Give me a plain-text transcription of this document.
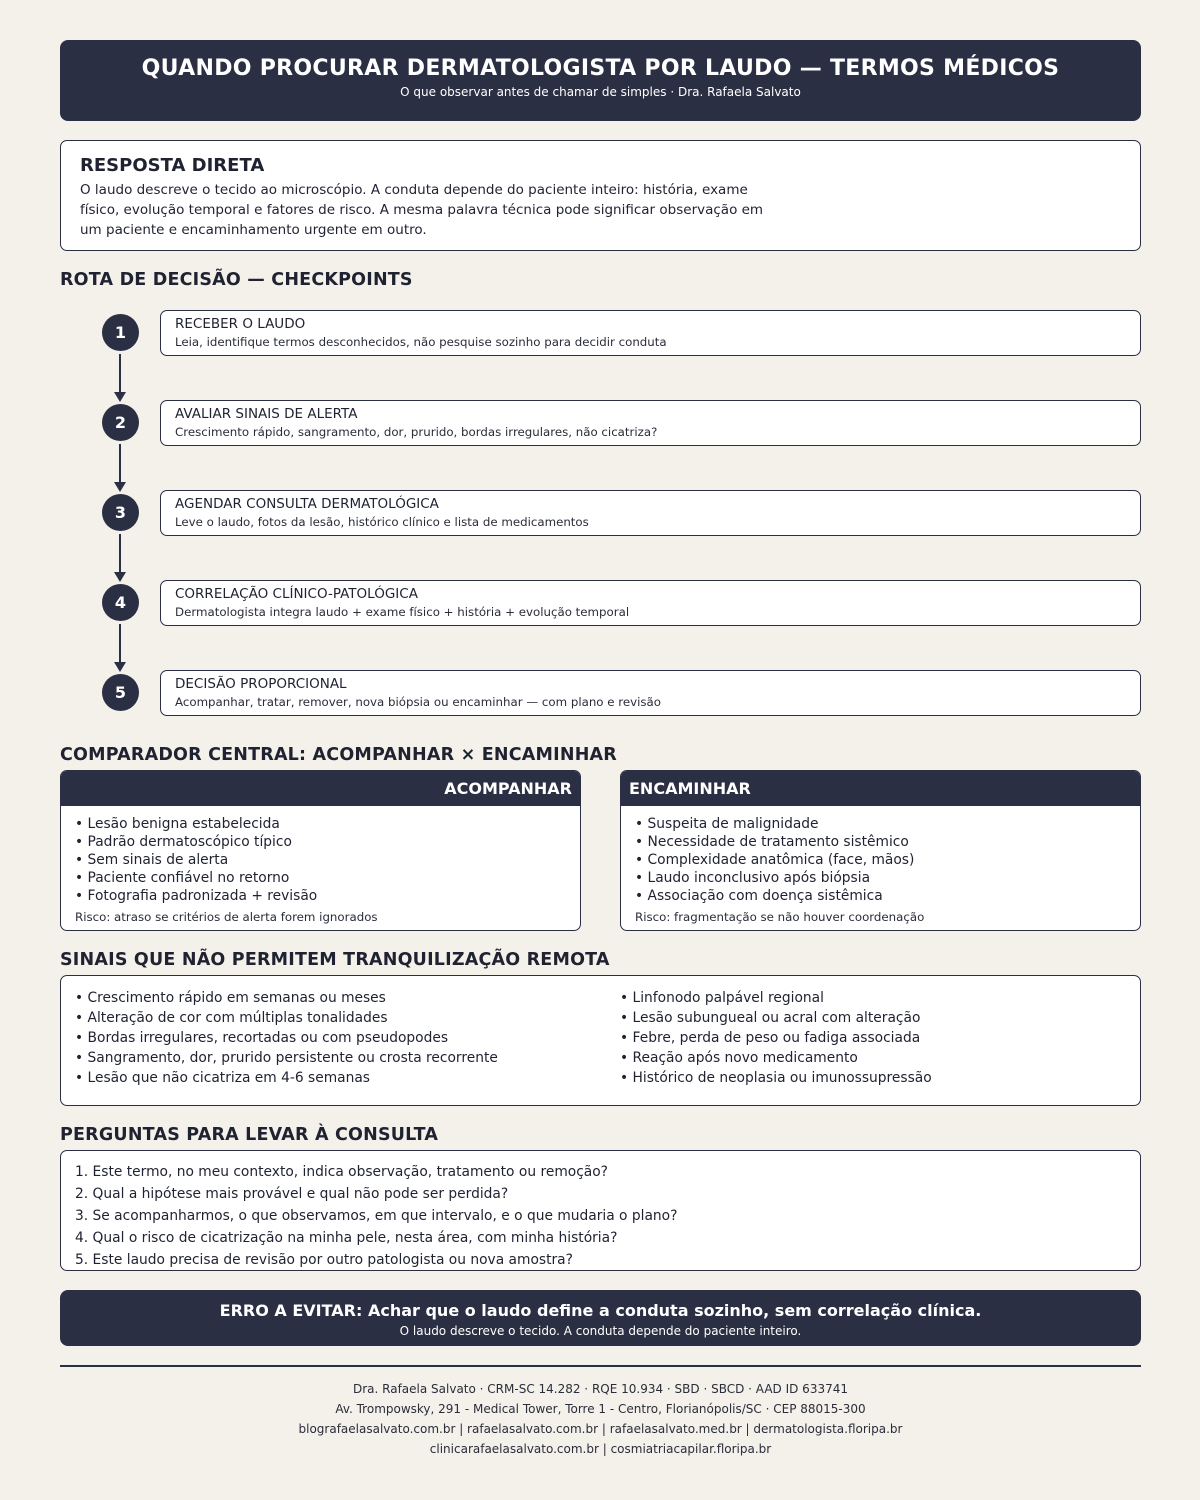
QUANDO PROCURAR DERMATOLOGISTA POR LAUDO — TERMOS MÉDICOS
O que observar antes de chamar de simples · Dra. Rafaela Salvato
RESPOSTA DIRETA
O laudo descreve o tecido ao microscópio. A conduta depende do paciente inteiro: história, exame físico, evolução temporal e fatores de risco. A mesma palavra técnica pode significar observação em um paciente e encaminhamento urgente em outro.
ROTA DE DECISÃO — CHECKPOINTS
1	RECEBER O LAUDO
Leia, identifique termos desconhecidos, não pesquise sozinho para decidir conduta
2	AVALIAR SINAIS DE ALERTA
Crescimento rápido, sangramento, dor, prurido, bordas irregulares, não cicatriza?
3	AGENDAR CONSULTA DERMATOLÓGICA
Leve o laudo, fotos da lesão, histórico clínico e lista de medicamentos
4	CORRELAÇÃO CLÍNICO-PATOLÓGICA
Dermatologista integra laudo + exame físico + história + evolução temporal
5	DECISÃO PROPORCIONAL
Acompanhar, tratar, remover, nova biópsia ou encaminhar — com plano e revisão
COMPARADOR CENTRAL: ACOMPANHAR × ENCAMINHAR
ACOMPANHAR
• Lesão benigna estabelecida
• Padrão dermatoscópico típico
• Sem sinais de alerta
• Paciente confiável no retorno
• Fotografia padronizada + revisão
Risco: atraso se critérios de alerta forem ignorados
ENCAMINHAR
• Suspeita de malignidade
• Necessidade de tratamento sistêmico
• Complexidade anatômica (face, mãos)
• Laudo inconclusivo após biópsia
• Associação com doença sistêmica
Risco: fragmentação se não houver coordenação
SINAIS QUE NÃO PERMITEM TRANQUILIZAÇÃO REMOTA
• Crescimento rápido em semanas ou meses
• Alteração de cor com múltiplas tonalidades
• Bordas irregulares, recortadas ou com pseudopodes
• Sangramento, dor, prurido persistente ou crosta recorrente
• Lesão que não cicatriza em 4-6 semanas
• Linfonodo palpável regional
• Lesão subungueal ou acral com alteração
• Febre, perda de peso ou fadiga associada
• Reação após novo medicamento
• Histórico de neoplasia ou imunossupressão
PERGUNTAS PARA LEVAR À CONSULTA
1. Este termo, no meu contexto, indica observação, tratamento ou remoção?
2. Qual a hipótese mais provável e qual não pode ser perdida?
3. Se acompanharmos, o que observamos, em que intervalo, e o que mudaria o plano?
4. Qual o risco de cicatrização na minha pele, nesta área, com minha história?
5. Este laudo precisa de revisão por outro patologista ou nova amostra?
ERRO A EVITAR: Achar que o laudo define a conduta sozinho, sem correlação clínica.
O laudo descreve o tecido. A conduta depende do paciente inteiro.
Dra. Rafaela Salvato · CRM-SC 14.282 · RQE 10.934 · SBD · SBCD · AAD ID 633741
Av. Trompowsky, 291 - Medical Tower, Torre 1 - Centro, Florianópolis/SC · CEP 88015-300
blografaelasalvato.com.br | rafaelasalvato.com.br | rafaelasalvato.med.br | dermatologista.floripa.br
clinicarafaelasalvato.com.br | cosmiatriacapilar.floripa.br
